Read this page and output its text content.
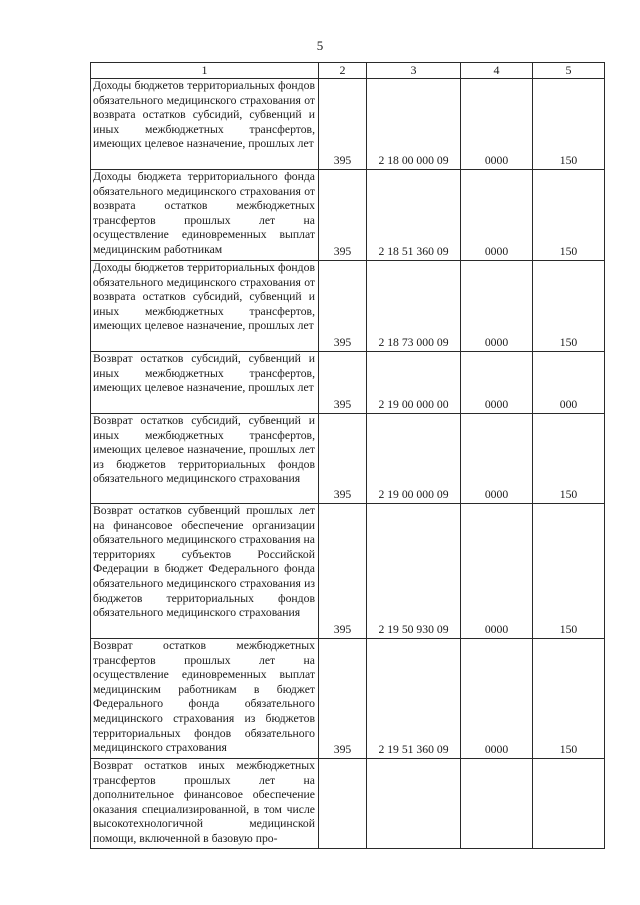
5
1	2	3	4	5
Доходы бюджетов территориальных фондов обязательного медицинского страхования от возврата остатков субсидий, субвенций и иных межбюджетных трансфертов, имеющих целевое назначение, прошлых лет	395	2 18 00 000 09	0000	150
Доходы бюджета территориального фонда обязательного медицинского страхования от возврата остатков межбюджетных трансфертов прошлых лет на осуществление единовременных выплат медицинским работникам	395	2 18 51 360 09	0000	150
Доходы бюджетов территориальных фондов обязательного медицинского страхования от возврата остатков субсидий, субвенций и иных межбюджетных трансфертов, имеющих целевое назначение, прошлых лет	395	2 18 73 000 09	0000	150
Возврат остатков субсидий, субвенций и иных межбюджетных трансфертов, имеющих целевое назначение, прошлых лет	395	2 19 00 000 00	0000	000
Возврат остатков субсидий, субвенций и иных межбюджетных трансфертов, имеющих целевое назначение, прошлых лет из бюджетов территориальных фондов обязательного медицинского страхования	395	2 19 00 000 09	0000	150
Возврат остатков субвенций прошлых лет на финансовое обеспечение организации обязательного медицинского страхования на территориях субъектов Российской Федерации в бюджет Федерального фонда обязательного медицинского страхования из бюджетов территориальных фондов обязательного медицинского страхования	395	2 19 50 930 09	0000	150
Возврат остатков межбюджетных трансфертов прошлых лет на осуществление единовременных выплат медицинским работникам в бюджет Федерального фонда обязательного медицинского страхования из бюджетов территориальных фондов обязательного медицинского страхования	395	2 19 51 360 09	0000	150

Возврат остатков иных межбюджетных трансфертов прошлых лет на дополнительное финансовое обеспечение оказания специализированной, в том числе высокотехнологичной медицинской помощи, включенной в базовую про-				
